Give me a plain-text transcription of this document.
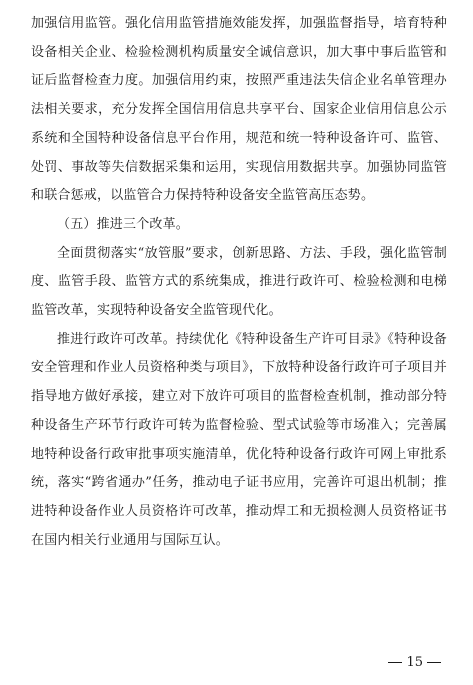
加强信用监管。强化信用监管措施效能发挥，加强监督指导，培育特种设备相关企业、检验检测机构质量安全诚信意识，加大事中事后监管和证后监督检查力度。加强信用约束，按照严重违法失信企业名单管理办法相关要求，充分发挥全国信用信息共享平台、国家企业信用信息公示系统和全国特种设备信息平台作用，规范和统一特种设备许可、监管、处罚、事故等失信数据采集和运用，实现信用数据共享。加强协同监管和联合惩戒，以监管合力保持特种设备安全监管高压态势。

（五）推进三个改革。

全面贯彻落实“放管服”要求，创新思路、方法、手段，强化监管制度、监管手段、监管方式的系统集成，推进行政许可、检验检测和电梯监管改革，实现特种设备安全监管现代化。

推进行政许可改革。持续优化《特种设备生产许可目录》《特种设备安全管理和作业人员资格种类与项目》，下放特种设备行政许可子项目并指导地方做好承接，建立对下放许可项目的监督检查机制，推动部分特种设备生产环节行政许可转为监督检验、型式试验等市场准入；完善属地特种设备行政审批事项实施清单，优化特种设备行政许可网上审批系统，落实“跨省通办”任务，推动电子证书应用，完善许可退出机制；推进特种设备作业人员资格许可改革，推动焊工和无损检测人员资格证书在国内相关行业通用与国际互认。

15
